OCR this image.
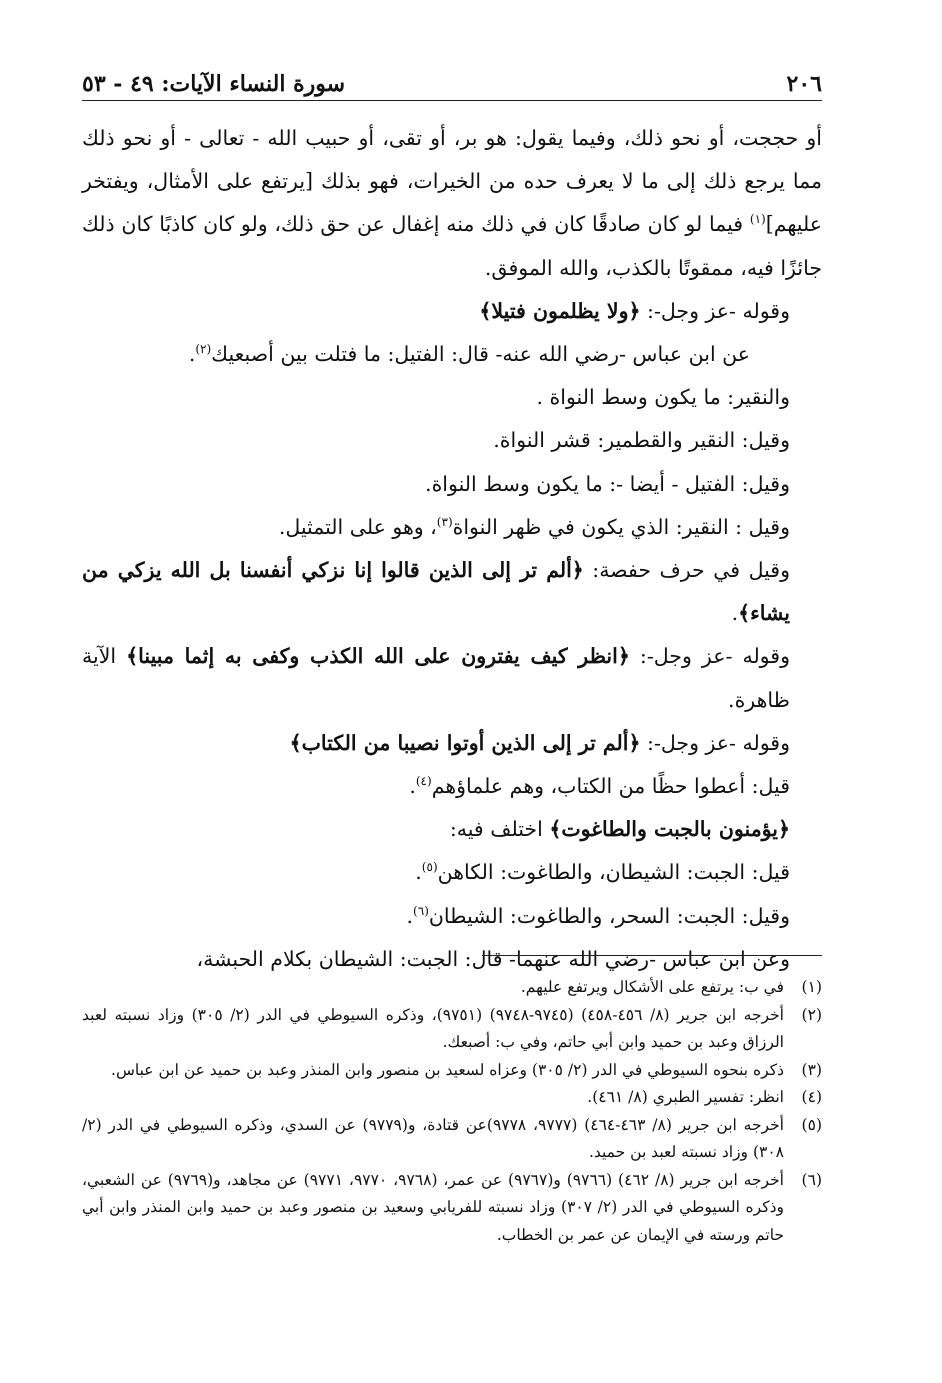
٢٠٦
سورة النساء الآيات: ٤٩ - ٥٣

أو حججت، أو نحو ذلك، وفيما يقول: هو بر، أو تقى، أو حبيب الله - تعالى - أو نحو ذلك مما يرجع ذلك إلى ما لا يعرف حده من الخيرات، فهو بذلك [يرتفع على الأمثال، ويفتخر عليهم]$^{(١)}$ فيما لو كان صادقًا كان في ذلك منه إغفال عن حق ذلك، ولو كان كاذبًا كان ذلك جائزًا فيه، ممقوتًا بالكذب، والله الموفق.

وقوله -عز وجل-: ﴿ولا يظلمون فتيلا﴾

عن ابن عباس -رضي الله عنه- قال: الفتيل: ما فتلت بين أصبعيك$^{(٢)}$.

والنقير: ما يكون وسط النواة .

وقيل: النقير والقطمير: قشر النواة.

وقيل: الفتيل - أيضا -: ما يكون وسط النواة.

وقيل : النقير: الذي يكون في ظهر النواة$^{(٣)}$، وهو على التمثيل.

وقيل في حرف حفصة: ﴿ألم تر إلى الذين قالوا إنا نزكي أنفسنا بل الله يزكي من يشاء﴾.

وقوله -عز وجل-: ﴿انظر كيف يفترون على الله الكذب وكفى به إثما مبينا﴾ الآية ظاهرة.

وقوله -عز وجل-: ﴿ألم تر إلى الذين أوتوا نصيبا من الكتاب﴾

قيل: أعطوا حظًا من الكتاب، وهم علماؤهم$^{(٤)}$.

﴿يؤمنون بالجبت والطاغوت﴾ اختلف فيه:

قيل: الجبت: الشيطان، والطاغوت: الكاهن$^{(٥)}$.

وقيل: الجبت: السحر، والطاغوت: الشيطان$^{(٦)}$.

وعن ابن عباس -رضي الله عنهما- قال: الجبت: الشيطان بكلام الحبشة،

(١)
في ب: يرتفع على الأشكال ويرتفع عليهم.
(٢)
أخرجه ابن جرير (٨/ ٤٥٦-٤٥٨) (٩٧٤٥-٩٧٤٨) (٩٧٥١)، وذكره السيوطي في الدر (٢/ ٣٠٥) وزاد نسبته لعبد الرزاق وعبد بن حميد وابن أبي حاتم، وفي ب: أصبعك.
(٣)
ذكره بنحوه السيوطي في الدر (٢/ ٣٠٥) وعزاه لسعيد بن منصور وابن المنذر وعبد بن حميد عن ابن عباس.
(٤)
انظر: تفسير الطبري (٨/ ٤٦١).
(٥)
أخرجه ابن جرير (٨/ ٤٦٣-٤٦٤) (٩٧٧٧، ٩٧٧٨)عن قتادة، و(٩٧٧٩) عن السدي، وذكره السيوطي في الدر (٢/ ٣٠٨) وزاد نسبته لعبد بن حميد.
(٦)
أخرجه ابن جرير (٨/ ٤٦٢) (٩٧٦٦) و(٩٧٦٧) عن عمر، (٩٧٦٨، ٩٧٧٠، ٩٧٧١) عن مجاهد، و(٩٧٦٩) عن الشعبي، وذكره السيوطي في الدر (٢/ ٣٠٧) وزاد نسبته للفريابي وسعيد بن منصور وعبد بن حميد وابن المنذر وابن أبي حاتم ورسته في الإيمان عن عمر بن الخطاب.
